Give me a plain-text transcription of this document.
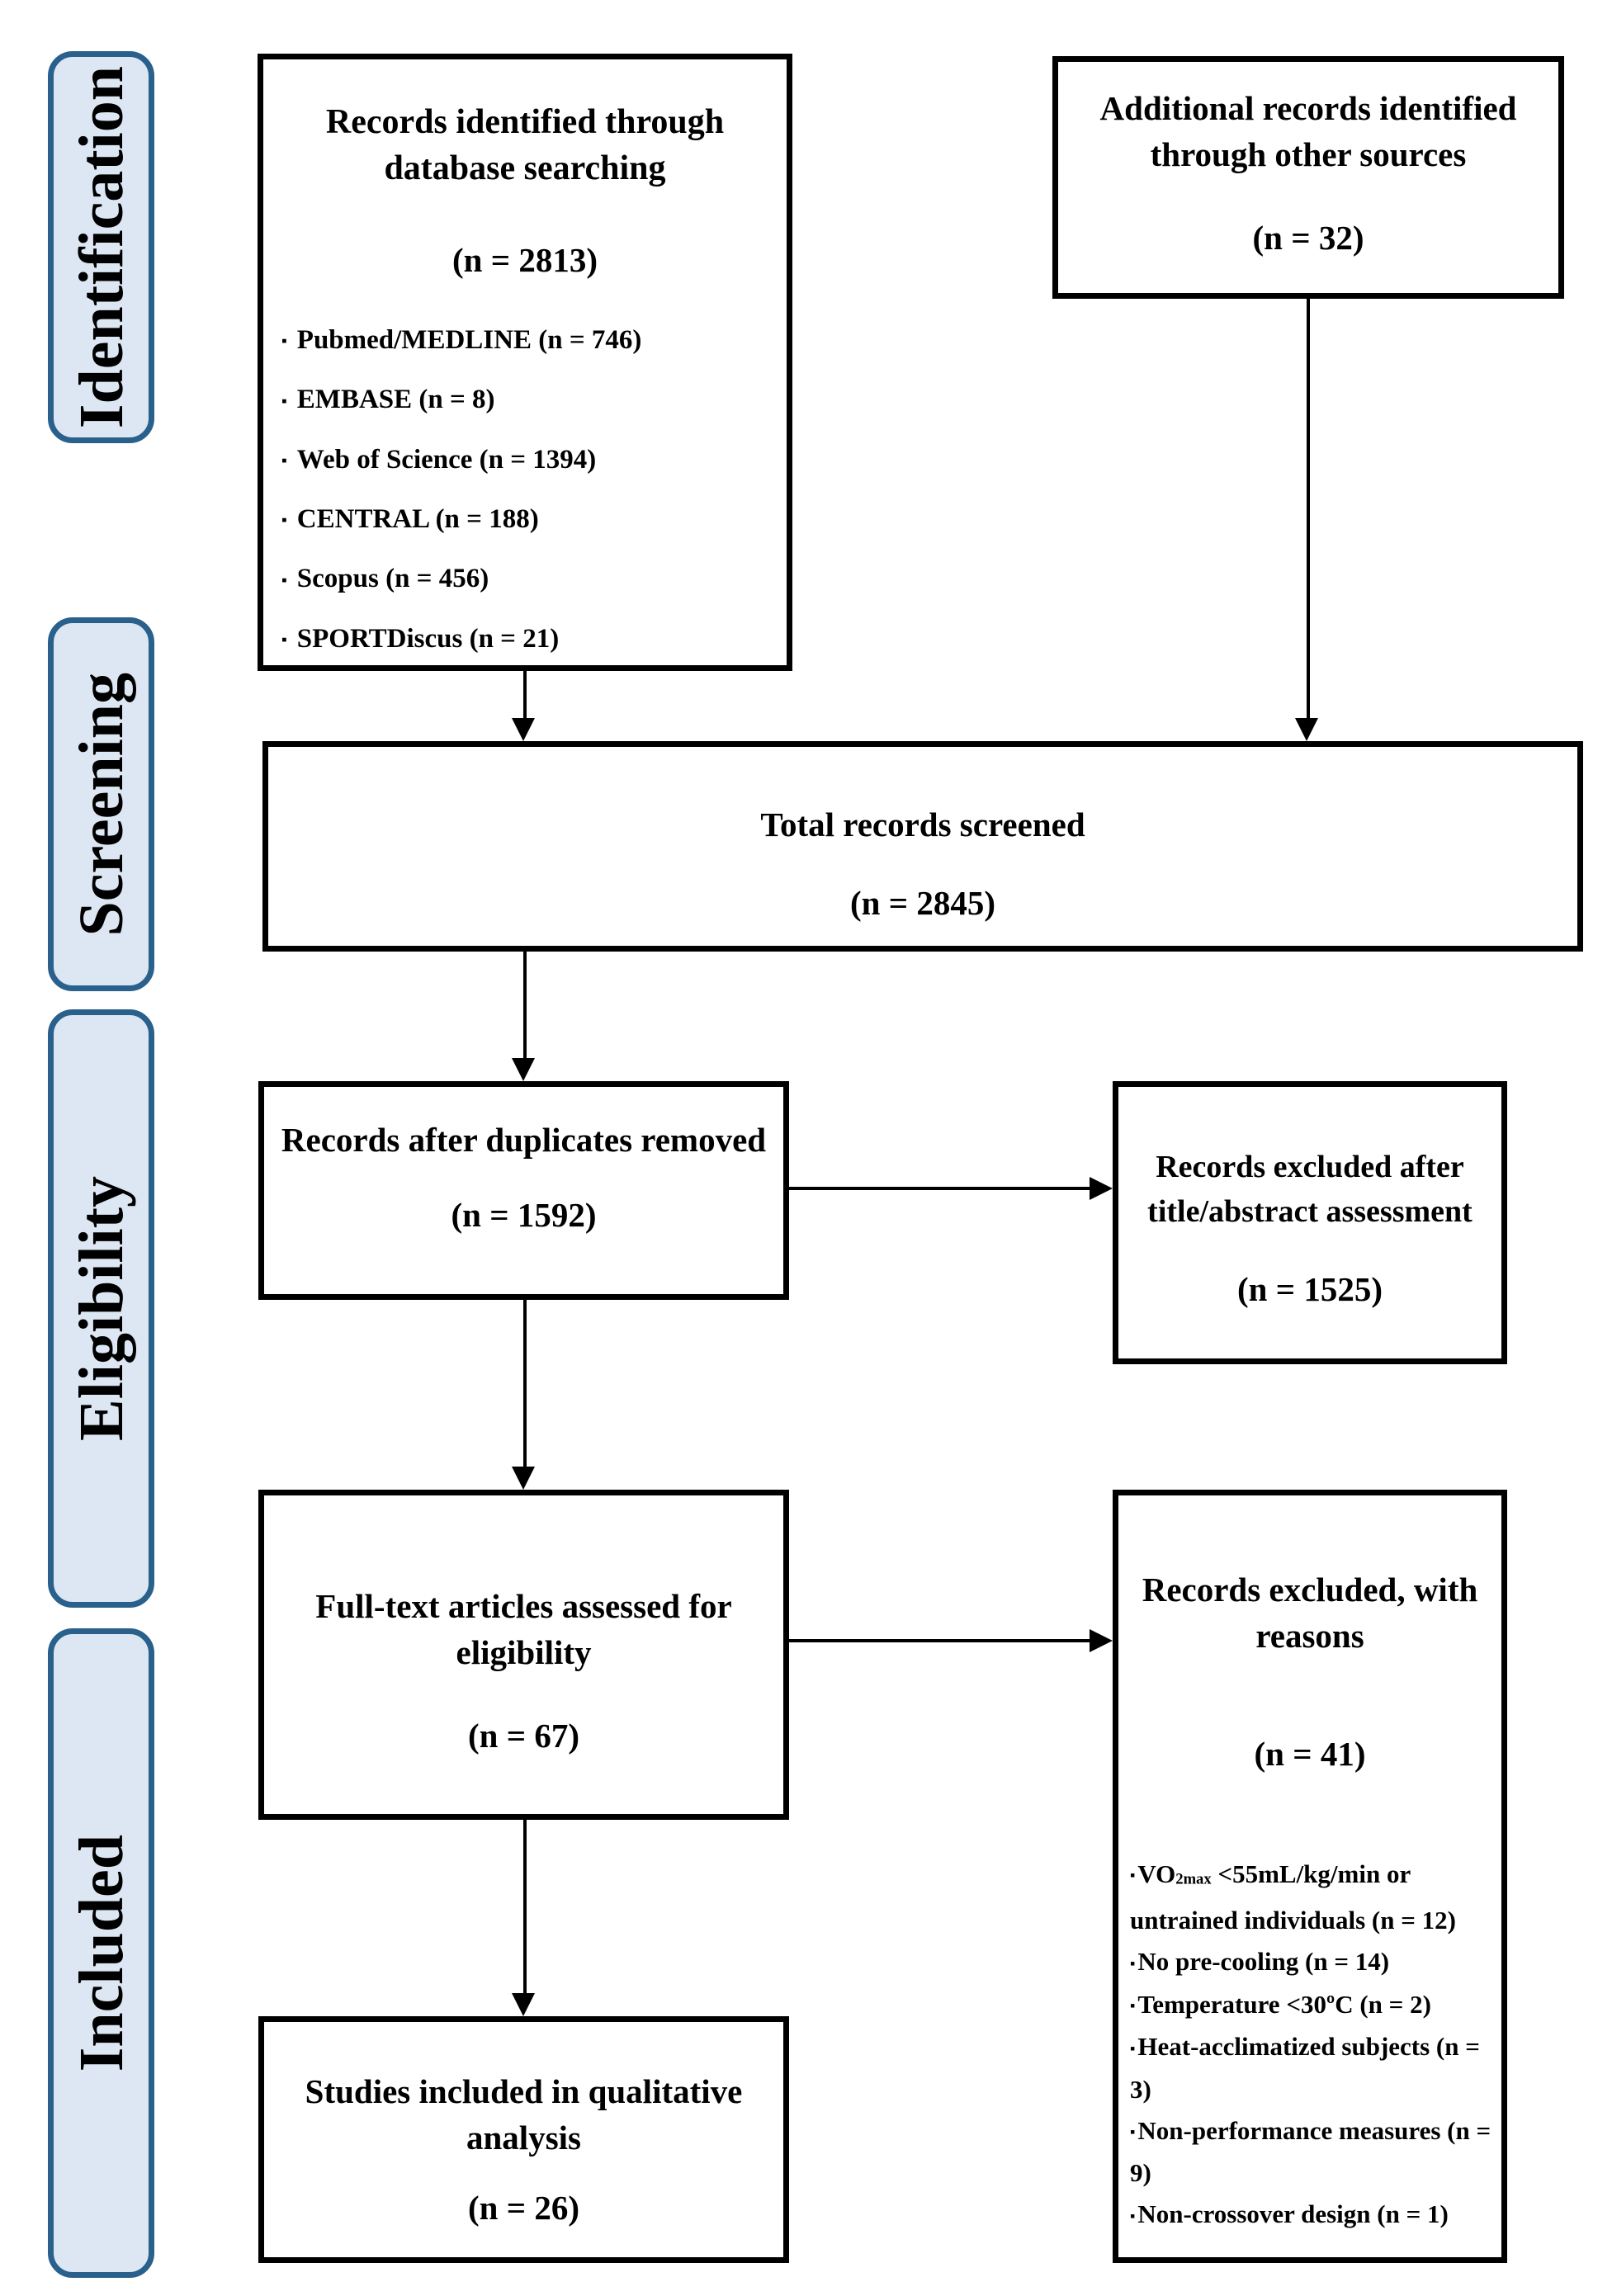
Identification
Screening
Eligibility
Included
Records identified through database searching
(n = 2813)
▪ Pubmed/MEDLINE (n = 746)
▪ EMBASE (n = 8)
▪ Web of Science (n = 1394)
▪ CENTRAL (n = 188)
▪ Scopus (n = 456)
▪ SPORTDiscus (n = 21)
Additional records identified through other sources
(n = 32)
Total records screened
(n = 2845)
Records after duplicates removed
(n = 1592)
Records excluded after title/abstract assessment
(n = 1525)
Full-text articles assessed for eligibility
(n = 67)
Records excluded, with reasons
(n = 41)
▪VO2max <55mL/kg/min or untrained individuals (n = 12)
▪No pre-cooling (n = 14)
▪Temperature <30ºC (n = 2)
▪Heat-acclimatized subjects (n = 3)
▪Non-performance measures (n = 9)
▪Non-crossover design (n = 1)
Studies included in qualitative analysis
(n = 26)
